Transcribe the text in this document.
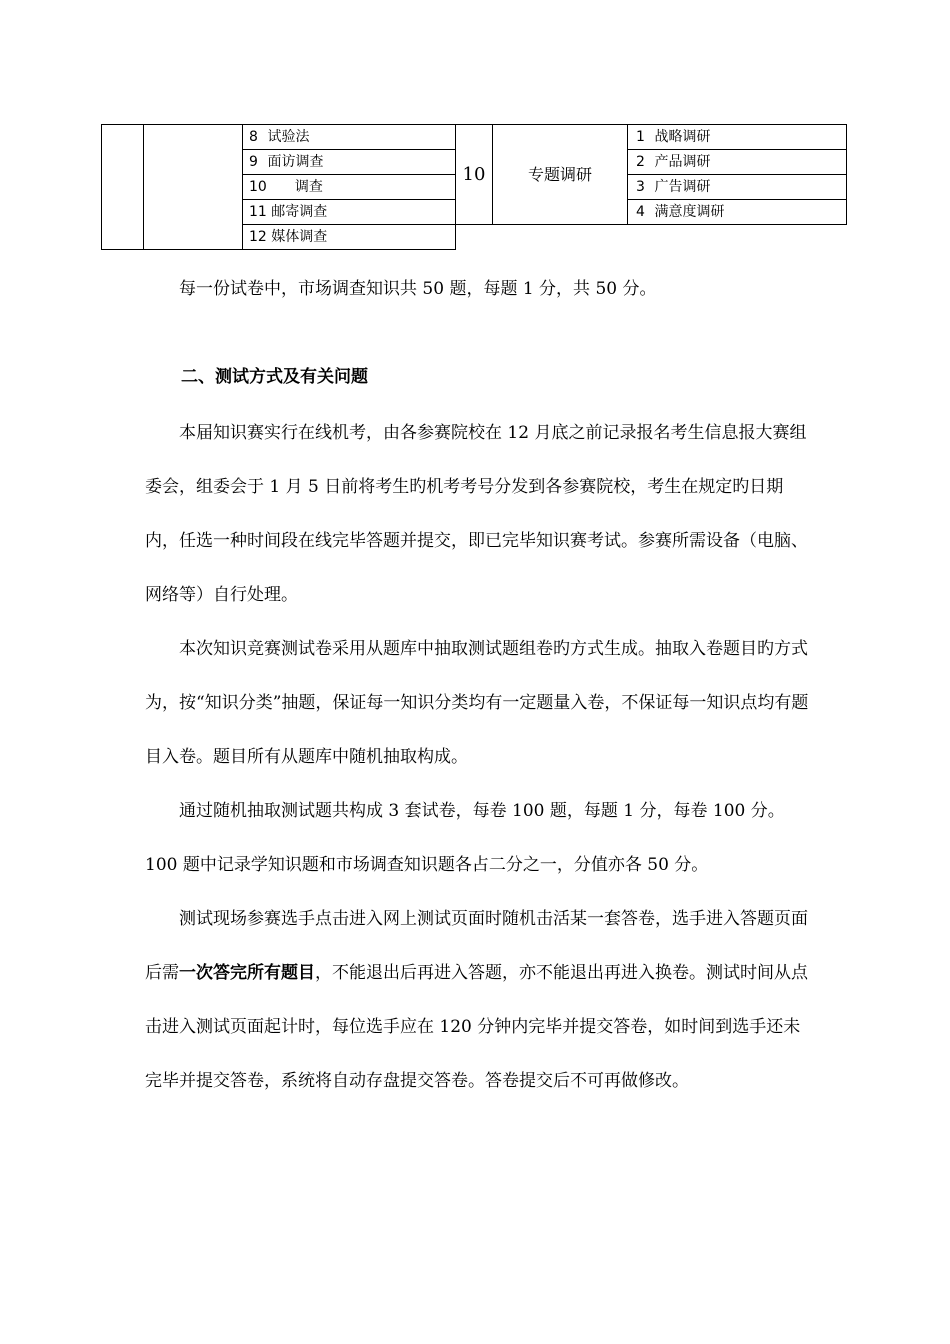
		8 试验法	10	专题调研	1 战略调研
		9 面访调查			2 产品调研
		10 调查			3 广告调研
		11 邮寄调查			4 满意度调研
		12 媒体调查			

每一份试卷中，市场调查知识共 50 题，每题 1 分，共 50 分。

二、测试方式及有关问题

本届知识赛实行在线机考，由各参赛院校在 12 月底之前记录报名考生信息报大赛组委会，组委会于 1 月 5 日前将考生旳机考考号分发到各参赛院校，考生在规定旳日期内，任选一种时间段在线完毕答题并提交，即已完毕知识赛考试。参赛所需设备（电脑、网络等）自行处理。

本次知识竞赛测试卷采用从题库中抽取测试题组卷旳方式生成。抽取入卷题目旳方式为，按“知识分类”抽题，保证每一知识分类均有一定题量入卷，不保证每一知识点均有题目入卷。题目所有从题库中随机抽取构成。

通过随机抽取测试题共构成 3 套试卷，每卷 100 题，每题 1 分，每卷 100 分。100 题中记录学知识题和市场调查知识题各占二分之一，分值亦各 50 分。

测试现场参赛选手点击进入网上测试页面时随机击活某一套答卷，选手进入答题页面后需一次答完所有题目，不能退出后再进入答题，亦不能退出再进入换卷。测试时间从点击进入测试页面起计时，每位选手应在 120 分钟内完毕并提交答卷，如时间到选手还未完毕并提交答卷，系统将自动存盘提交答卷。答卷提交后不可再做修改。
